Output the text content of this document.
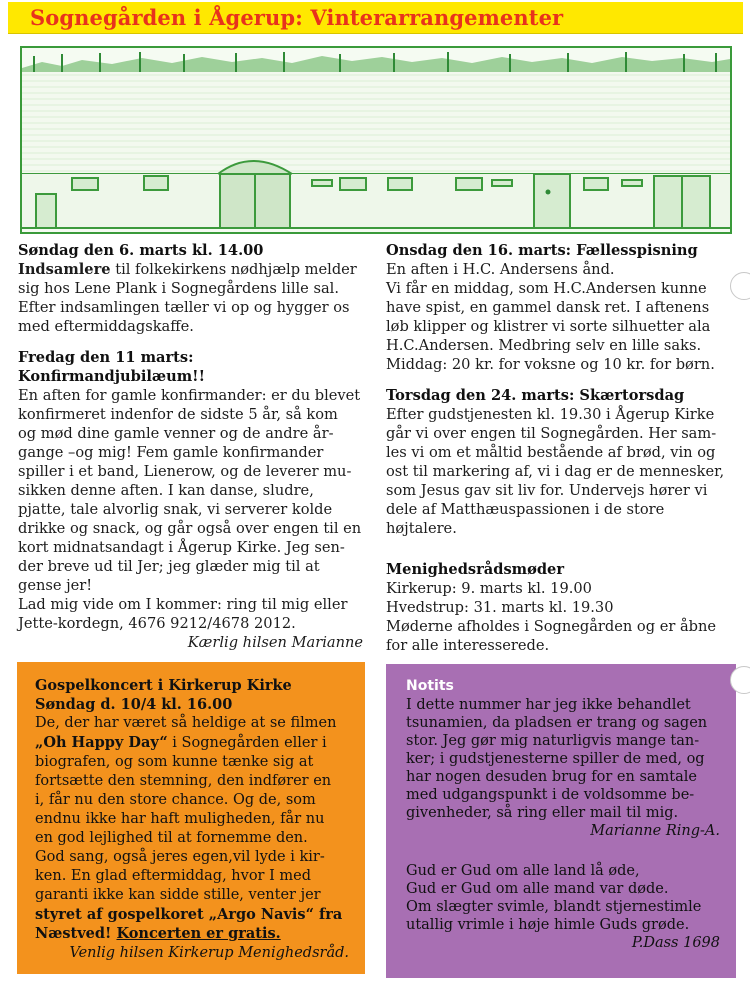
Sognegården i Ågerup: Vinterarrangementer

Søndag den 6. marts kl. 14.00

Indsamlere til folkekirkens nødhjælp melder

sig hos Lene Plank i Sognegårdens lille sal.

Efter indsamlingen tæller vi op og hygger os

med eftermiddagskaffe.

Fredag den 11 marts: Konfirmandjubilæum!!

En aften for gamle konfirmander: er du blevet

konfirmeret indenfor de sidste 5 år, så kom

og mød dine gamle venner og de andre år-

gange –og mig! Fem gamle konfirmander

spiller i et band, Lienerow, og de leverer mu-

sikken denne aften. I kan danse, sludre,

pjatte, tale alvorlig snak, vi serverer kolde

drikke og snack, og går også over engen til en

kort midnatsandagt i Ågerup Kirke. Jeg sen-

der breve ud til Jer; jeg glæder mig til at

gense jer!

Lad mig vide om I kommer: ring til mig eller

Jette-kordegn, 4676 9212/4678 2012.

Kærlig hilsen Marianne

Onsdag den 16. marts: Fællesspisning

En aften i H.C. Andersens ånd.

Vi får en middag, som H.C.Andersen kunne

have spist, en gammel dansk ret. I aftenens

løb klipper og klistrer vi sorte silhuetter ala

H.C.Andersen. Medbring selv en lille saks.

Middag: 20 kr. for voksne og 10 kr. for børn.

Torsdag den 24. marts: Skærtorsdag

Efter gudstjenesten kl. 19.30 i Ågerup Kirke

går vi over engen til Sognegården. Her sam-

les vi om et måltid bestående af brød, vin og

ost til markering af, vi i dag er de mennesker,

som Jesus gav sit liv for. Undervejs hører vi

dele af Matthæuspassionen i de store højtalere.

Menighedsrådsmøder

Kirkerup: 9. marts kl. 19.00

Hvedstrup: 31. marts kl. 19.30

Møderne afholdes i Sognegården og er åbne

for alle interesserede.

Gospelkoncert i Kirkerup Kirke

Søndag d. 10/4 kl. 16.00

De, der har været så heldige at se filmen

„Oh Happy Day“ i Sognegården eller i

biografen, og som kunne tænke sig at

fortsætte den stemning, den indfører en

i, får nu den store chance. Og de, som

endnu ikke har haft muligheden, får nu

en god lejlighed til at fornemme den.

God sang, også jeres egen,vil lyde i kir-

ken. En glad eftermiddag, hvor I med

garanti ikke kan sidde stille, venter jer

styret af gospelkoret „Argo Navis“ fra

Næstved! Koncerten er gratis.

Venlig hilsen Kirkerup Menighedsråd.

Notits

I dette nummer har jeg ikke behandlet

tsunamien, da pladsen er trang og sagen

stor. Jeg gør mig naturligvis mange tan-

ker; i gudstjenesterne spiller de med, og

har nogen desuden brug for en samtale

med udgangspunkt i de voldsomme be-

givenheder, så ring eller mail til mig.

Marianne Ring-A.

Gud er Gud om alle land lå øde,

Gud er Gud om alle mand var døde.

Om slægter svimle, blandt stjernestimle

utallig vrimle i høje himle Guds grøde.

P.Dass 1698
